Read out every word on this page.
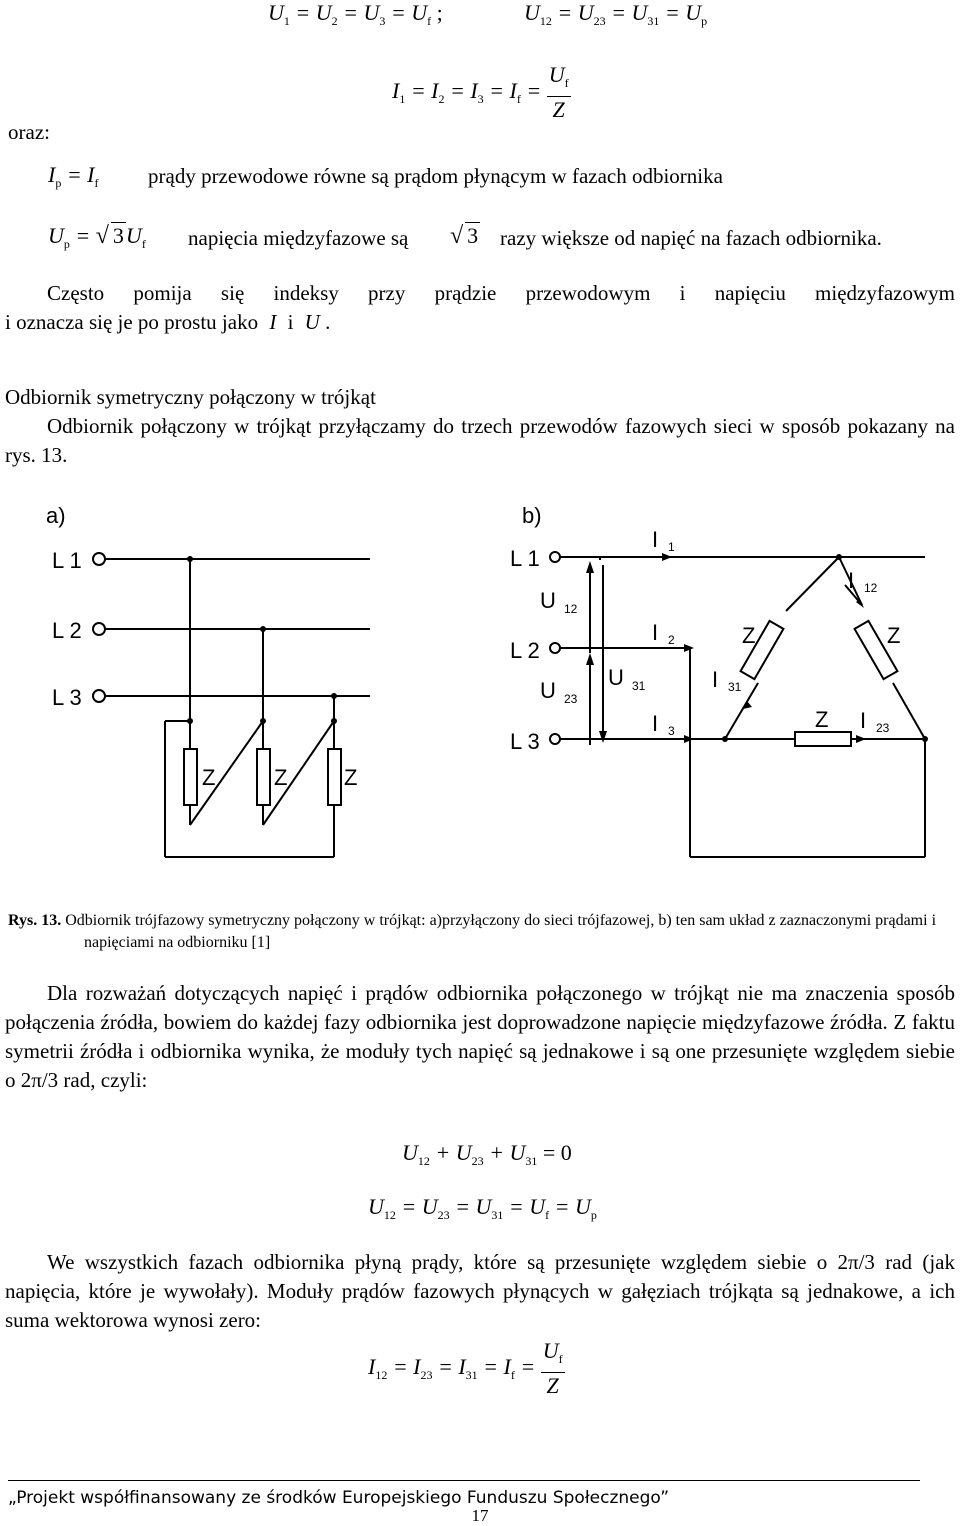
$U_1 = U_2 = U_3 = U_f$ ;	$U_{12} = U_{23} = U_{31} = U_p$
$I_1 = I_2 = I_3 = I_f = \frac{U_f}{Z}$
oraz:
$I_p = I_f$ prądy przewodowe równe są prądom płynącym w fazach odbiornika
$U_p$ = √ $3U_f$ napięcia międzyfazowe są √ 3 razy większe od napięć na fazach odbiornika.
Często pomija się indeksy przy prądzie przewodowym i napięciu międzyfazowym
i oznacza się je po prostu jako I i U .
Odbiornik symetryczny połączony w trójkąt
Odbiornik połączony w trójkąt przyłączamy do trzech przewodów fazowych sieci w sposób pokazany na rys. 13.
a)
L 1
L 2
L 3
Z	Z	Z
b)
L 1
L 2
L 3
U 12
U 23
U 31
I 1
I 2
I 3
I 12
I 31
I 23
Z	Z
Z
Rys. 13. Odbiornik trójfazowy symetryczny połączony w trójkąt: a)przyłączony do sieci trójfazowej, b) ten sam układ z zaznaczonymi prądami i napięciami na odbiorniku [1]
Dla rozważań dotyczących napięć i prądów odbiornika połączonego w trójkąt nie ma znaczenia sposób połączenia źródła, bowiem do każdej fazy odbiornika jest doprowadzone napięcie międzyfazowe źródła. Z faktu symetrii źródła i odbiornika wynika, że moduły tych napięć są jednakowe i są one przesunięte względem siebie o 2π/3 rad, czyli:
$U_{12} + U_{23} + U_{31} = 0$
$U_{12} = U_{23} = U_{31} = U_f = U_p$
We wszystkich fazach odbiornika płyną prądy, które są przesunięte względem siebie o 2π/3 rad (jak napięcia, które je wywołały). Moduły prądów fazowych płynących w gałęziach trójkąta są jednakowe, a ich suma wektorowa wynosi zero:
$I_{12} = I_{23} = I_{31} = I_f = \frac{U_f}{Z}$
„Projekt współfinansowany ze środków Europejskiego Funduszu Społecznego”
17
